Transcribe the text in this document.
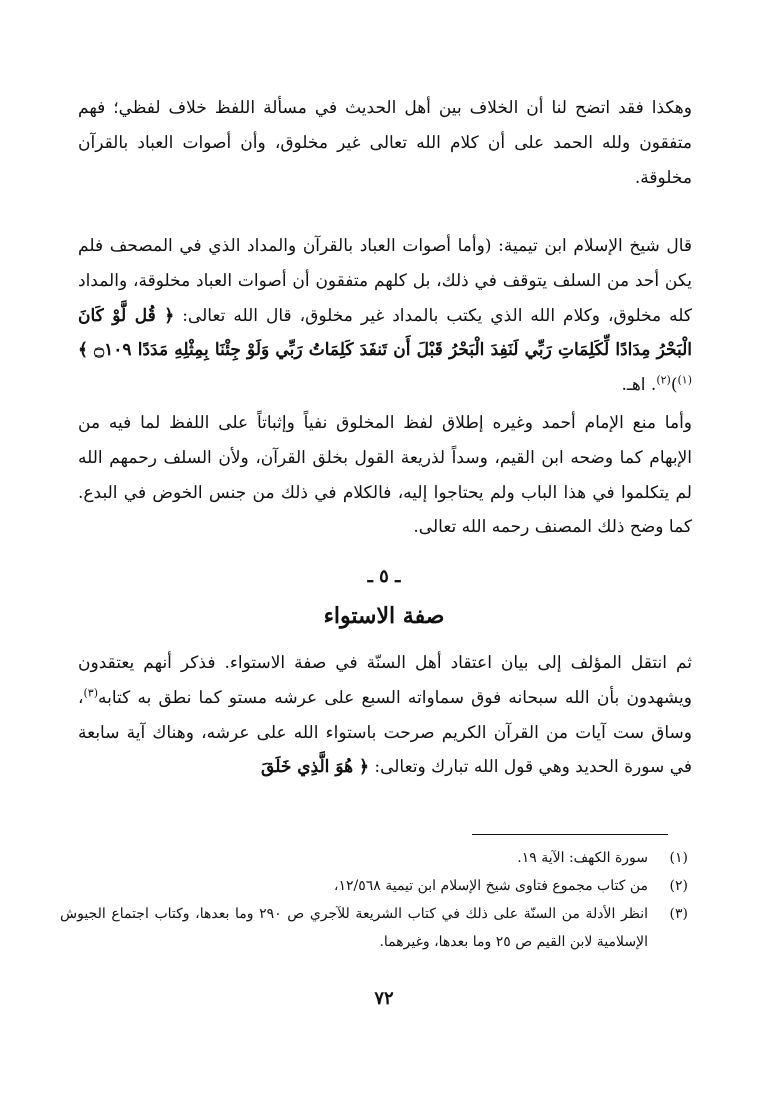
وهكذا فقد اتضح لنا أن الخلاف بين أهل الحديث في مسألة اللفظ خلاف لفظي؛ فهم متفقون ولله الحمد على أن كلام الله تعالى غير مخلوق، وأن أصوات العباد بالقرآن مخلوقة.

قال شيخ الإسلام ابن تيمية: (وأما أصوات العباد بالقرآن والمداد الذي في المصحف فلم يكن أحد من السلف يتوقف في ذلك، بل كلهم متفقون أن أصوات العباد مخلوقة، والمداد كله مخلوق، وكلام الله الذي يكتب بالمداد غير مخلوق، قال الله تعالى: ﴿ قُل لَّوْ كَانَ الْبَحْرُ مِدَادًا لِّكَلِمَاتِ رَبِّي لَنَفِدَ الْبَحْرُ قَبْلَ أَن تَنفَدَ كَلِمَاتُ رَبِّي وَلَوْ جِئْنَا بِمِثْلِهِ مَدَدًا ۝١٠٩ ﴾$^{(١)}$)$^{(٢)}$. اهـ.

وأما منع الإمام أحمد وغيره إطلاق لفظ المخلوق نفياً وإثباتاً على اللفظ لما فيه من الإبهام كما وضحه ابن القيم، وسداً لذريعة القول بخلق القرآن، ولأن السلف رحمهم الله لم يتكلموا في هذا الباب ولم يحتاجوا إليه، فالكلام في ذلك من جنس الخوض في البدع. كما وضح ذلك المصنف رحمه الله تعالى.

ـ ٥ ـ
صفة الاستواء

ثم انتقل المؤلف إلى بيان اعتقاد أهل السنّة في صفة الاستواء. فذكر أنهم يعتقدون ويشهدون بأن الله سبحانه فوق سماواته السبع على عرشه مستو كما نطق به كتابه$^{(٣)}$، وساق ست آيات من القرآن الكريم صرحت باستواء الله على عرشه، وهناك آية سابعة في سورة الحديد وهي قول الله تبارك وتعالى: ﴿ هُوَ الَّذِي خَلَقَ

(١)
سورة الكهف: الآية ١٩.
(٢)
من كتاب مجموع فتاوى شيخ الإسلام ابن تيمية ١٢/٥٦٨،
(٣)
انظر الأدلة من السنّة على ذلك في كتاب الشريعة للآجري ص ٢٩٠ وما بعدها، وكتاب اجتماع الجيوش الإسلامية لابن القيم ص ٢٥ وما بعدها، وغيرهما.
٧٢
